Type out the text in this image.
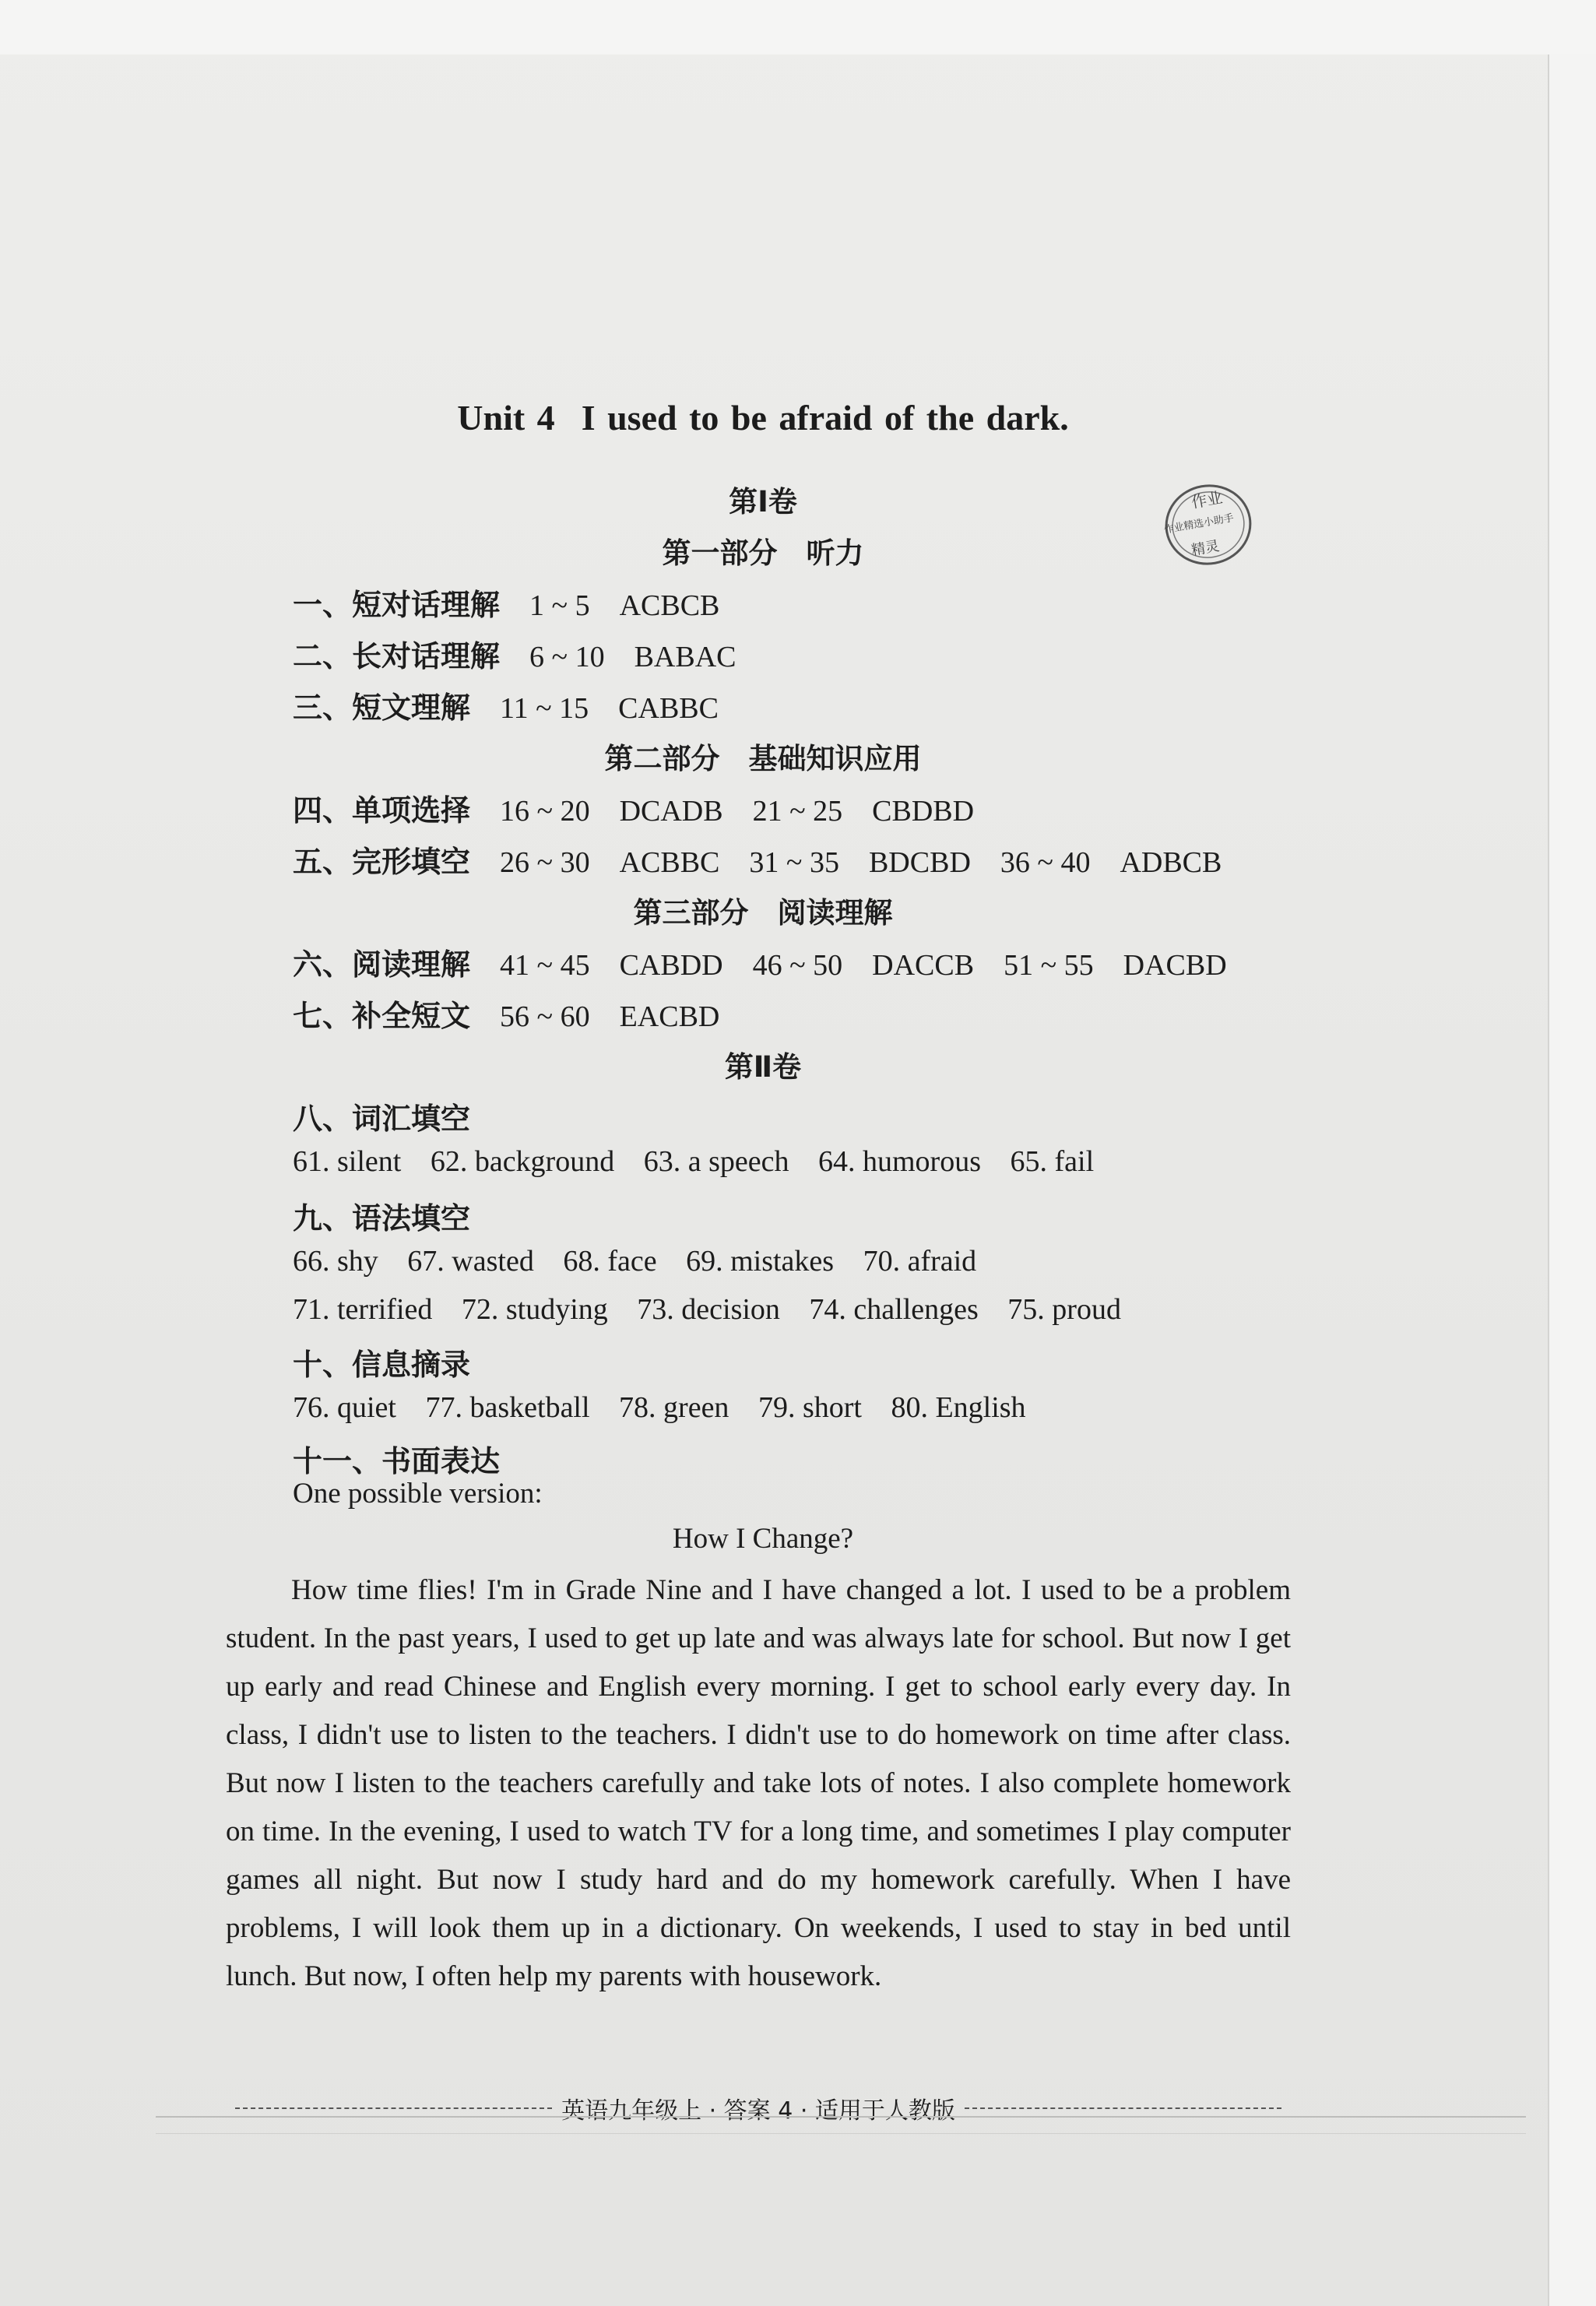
Unit 4 I used to be afraid of the dark.
作业
作业精选小助手
精灵
第Ⅰ卷
第一部分　听力
一、短对话理解 1 ~ 5　ACBCB
二、长对话理解 6 ~ 10　BABAC
三、短文理解 11 ~ 15　CABBC
第二部分　基础知识应用
四、单项选择 16 ~ 20　DCADB　21 ~ 25　CBDBD
五、完形填空 26 ~ 30　ACBBC　31 ~ 35　BDCBD　36 ~ 40　ADBCB
第三部分　阅读理解
六、阅读理解 41 ~ 45　CABDD　46 ~ 50　DACCB　51 ~ 55　DACBD
七、补全短文 56 ~ 60　EACBD
第Ⅱ卷
八、词汇填空
61. silent 62. background 63. a speech 64. humorous 65. fail
九、语法填空
66. shy 67. wasted 68. face 69. mistakes 70. afraid
71. terrified 72. studying 73. decision 74. challenges 75. proud
十、信息摘录
76. quiet 77. basketball 78. green 79. short 80. English
十一、书面表达
One possible version:
How I Change?
How time flies! I'm in Grade Nine and I have changed a lot. I used to be a problem student. In the past years, I used to get up late and was always late for school. But now I get up early and read Chinese and English every morning. I get to school early every day. In class, I didn't use to listen to the teachers. I didn't use to do homework on time after class. But now I listen to the teachers carefully and take lots of notes. I also complete homework on time. In the evening, I used to watch TV for a long time, and sometimes I play computer games all night. But now I study hard and do my homework carefully. When I have problems, I will look them up in a dictionary. On weekends, I used to stay in bed until lunch. But now, I often help my parents with housework.
英语九年级上 · 答案 4 · 适用于人教版
